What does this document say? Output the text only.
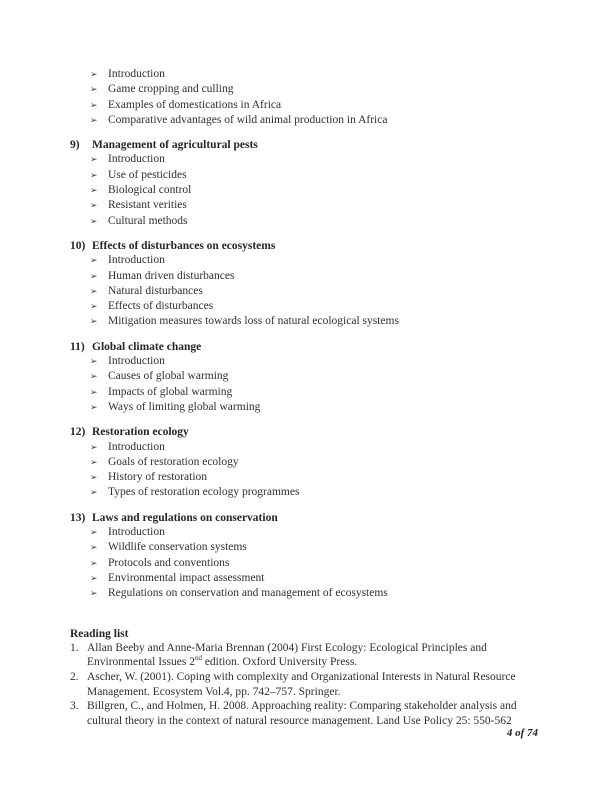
➢ Introduction
➢ Game cropping and culling
➢ Examples of domestications in Africa
➢ Comparative advantages of wild animal production in Africa
9)	Management of agricultural pests
➢ Introduction
➢ Use of pesticides
➢ Biological control
➢ Resistant verities
➢ Cultural methods
10) Effects of disturbances on ecosystems
➢ Introduction
➢ Human driven disturbances
➢ Natural disturbances
➢ Effects of disturbances
➢ Mitigation measures towards loss of natural ecological systems
11) Global climate change
➢ Introduction
➢ Causes of global warming
➢ Impacts of global warming
➢ Ways of limiting global warming
12) Restoration ecology
➢ Introduction
➢ Goals of restoration ecology
➢ History of restoration
➢ Types of restoration ecology programmes
13) Laws and regulations on conservation
➢ Introduction
➢ Wildlife conservation systems
➢ Protocols and conventions
➢ Environmental impact assessment
➢ Regulations on conservation and management of ecosystems
Reading list
1. Allan Beeby and Anne-Maria Brennan (2004) First Ecology: Ecological Principles and Environmental Issues 2nd edition. Oxford University Press.
2. Ascher, W. (2001). Coping with complexity and Organizational Interests in Natural Resource Management. Ecosystem Vol.4, pp. 742–757. Springer.
3. Billgren, C., and Holmen, H. 2008. Approaching reality: Comparing stakeholder analysis and cultural theory in the context of natural resource management. Land Use Policy 25: 550-562
4 of 74
